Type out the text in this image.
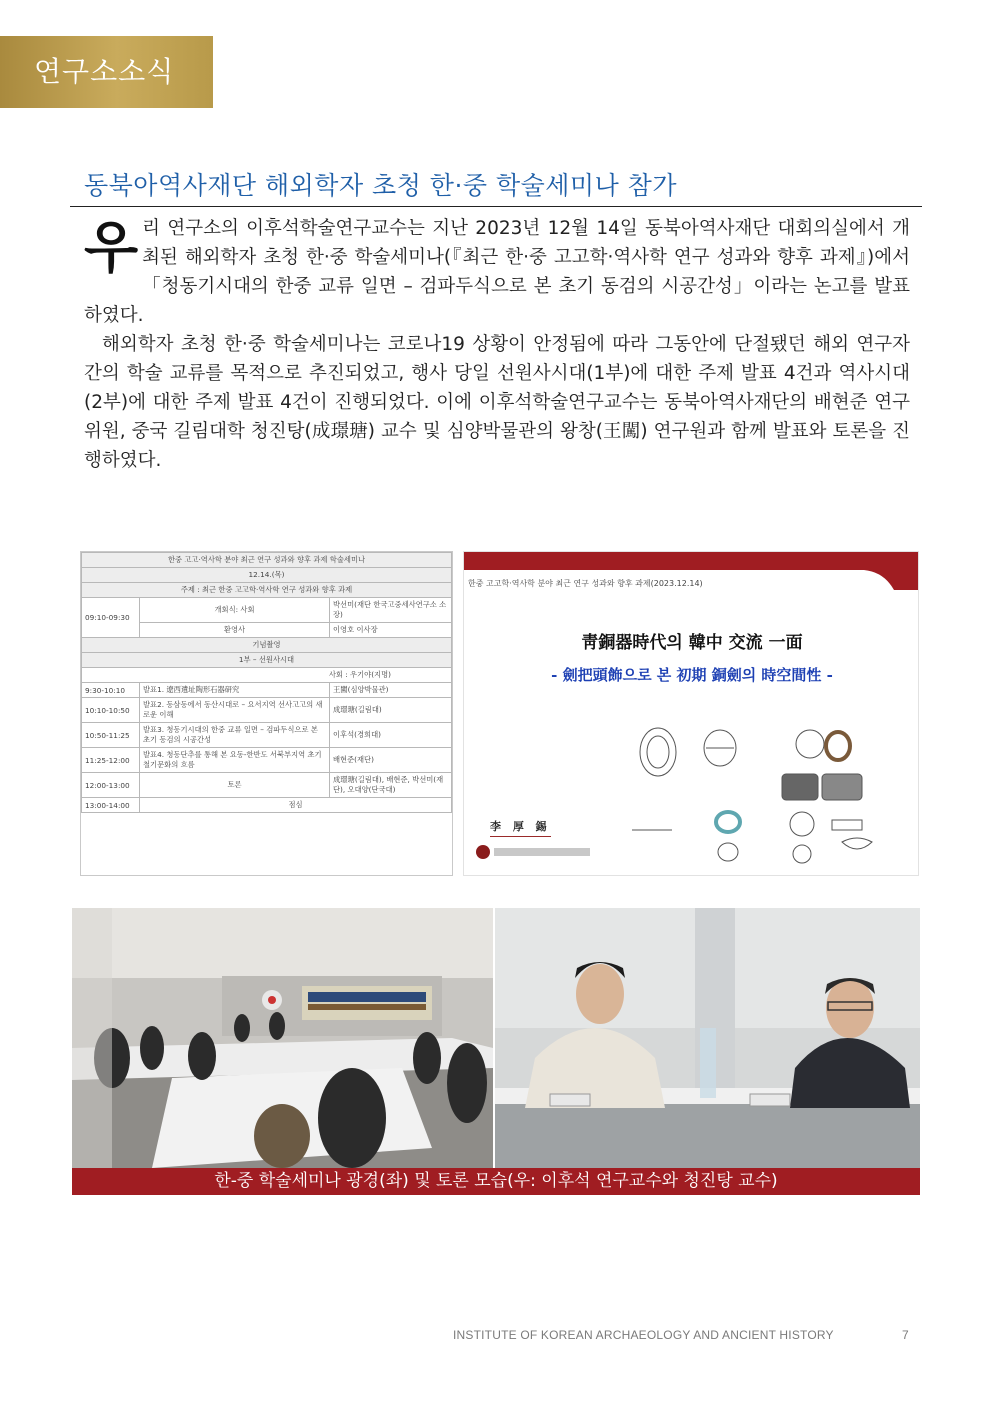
연구소소식
동북아역사재단 해외학자 초청 한·중 학술세미나 참가
우 리 연구소의 이후석학술연구교수는 지난 2023년 12월 14일 동북아역사재단 대회의실에서 개최된 해외학자 초청 한·중 학술세미나(『최근 한·중 고고학·역사학 연구 성과와 향후 과제』)에서 「청동기시대의 한중 교류 일면 – 검파두식으로 본 초기 동검의 시공간성」이라는 논고를 발표하였다.

해외학자 초청 한·중 학술세미나는 코로나19 상황이 안정됨에 따라 그동안에 단절됐던 해외 연구자 간의 학술 교류를 목적으로 추진되었고, 행사 당일 선원사시대(1부)에 대한 주제 발표 4건과 역사시대(2부)에 대한 주제 발표 4건이 진행되었다. 이에 이후석학술연구교수는 동북아역사재단의 배현준 연구위원, 중국 길림대학 청진탕(成璟瑭) 교수 및 심양박물관의 왕창(王闖) 연구원과 함께 발표와 토론을 진행하였다.

한중 고고·역사학 분야 최근 연구 성과와 향후 과제 학술세미나		
12.14.(목)		
주제 : 최근 한중 고고학·역사학 연구 성과와 향후 과제		
09:10-09:30	개회식: 사회	박선미(재단 한국고중세사연구소 소장)
	환영사	이영호 이사장
기념촬영		
1부 – 선원사시대		
사회 : 우기야(지명)		
9:30-10:10	발표1. 遼西遺址陶形石器研究	王闖(심양박물관)
10:10-10:50	발표2. 동삼동에서 동산시대로 – 요서지역 선사고고의 새로운 이해	成璟瑭(길림대)
10:50-11:25	발표3. 청동기시대의 한중 교류 일면 – 검파두식으로 본 초기 동검의 시공간성	이후석(경희대)
11:25-12:00	발표4. 청동단추를 통해 본 요동-한반도 서북부지역 초기철기문화의 흐름	배현준(재단)
12:00-13:00	토론	成璟瑭(길림대), 배현준, 박선미(재단), 오대양(단국대)
13:00-14:00	점심	
한중 고고학·역사학 분야 최근 연구 성과와 향후 과제(2023.12.14)
靑銅器時代의 韓中 交流 一面
- 劍把頭飾으로 본 初期 銅劍의 時空間性 -
李 厚 錫
한-중 학술세미나 광경(좌) 및 토론 모습(우: 이후석 연구교수와 청진탕 교수)
INSTITUTE OF KOREAN ARCHAEOLOGY AND ANCIENT HISTORY	7
